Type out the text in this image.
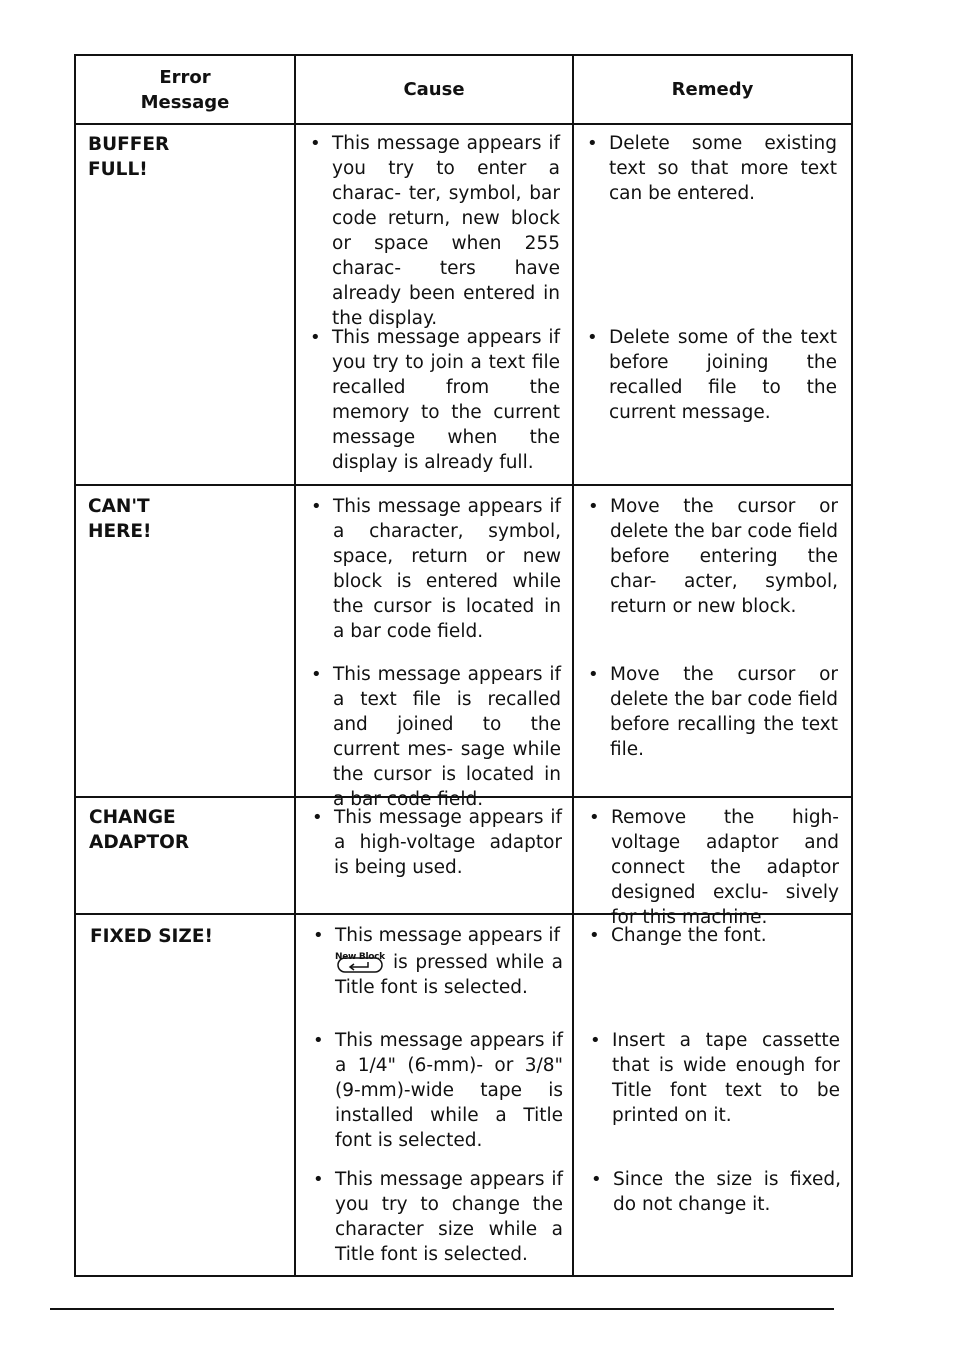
Error
Message
Cause	Remedy
BUFFER
FULL!
• This message appears if you try to enter a charac- ter, symbol, bar code return, new block or space when 255 charac- ters have already been entered in the display.
• Delete some existing text so that more text can be entered.
• This message appears if you try to join a text file recalled from the memory to the current message when the display is already full.
• Delete some of the text before joining the recalled file to the current message.
CAN'T
HERE!
• This message appears if a character, symbol, space, return or new block is entered while the cursor is located in a bar code field.
• Move the cursor or delete the bar code field before entering the char- acter, symbol, return or new block.
• This message appears if a text file is recalled and joined to the current mes- sage while the cursor is located in a bar code field.
• Move the cursor or delete the bar code field before recalling the text file.
CHANGE
ADAPTOR
• This message appears if a high-voltage adaptor is being used.
• Remove the high-voltage adaptor and connect the adaptor designed exclu- sively for this machine.
FIXED SIZE!	• This message appears if

New Block is pressed while a Title font is selected.
• Change the font.
• This message appears if a 1/4" (6-mm)- or 3/8" (9-mm)-wide tape is installed while a Title font is selected.
• Insert a tape cassette that is wide enough for Title font text to be printed on it.
• This message appears if you try to change the character size while a Title font is selected.
• Since the size is fixed, do not change it.
